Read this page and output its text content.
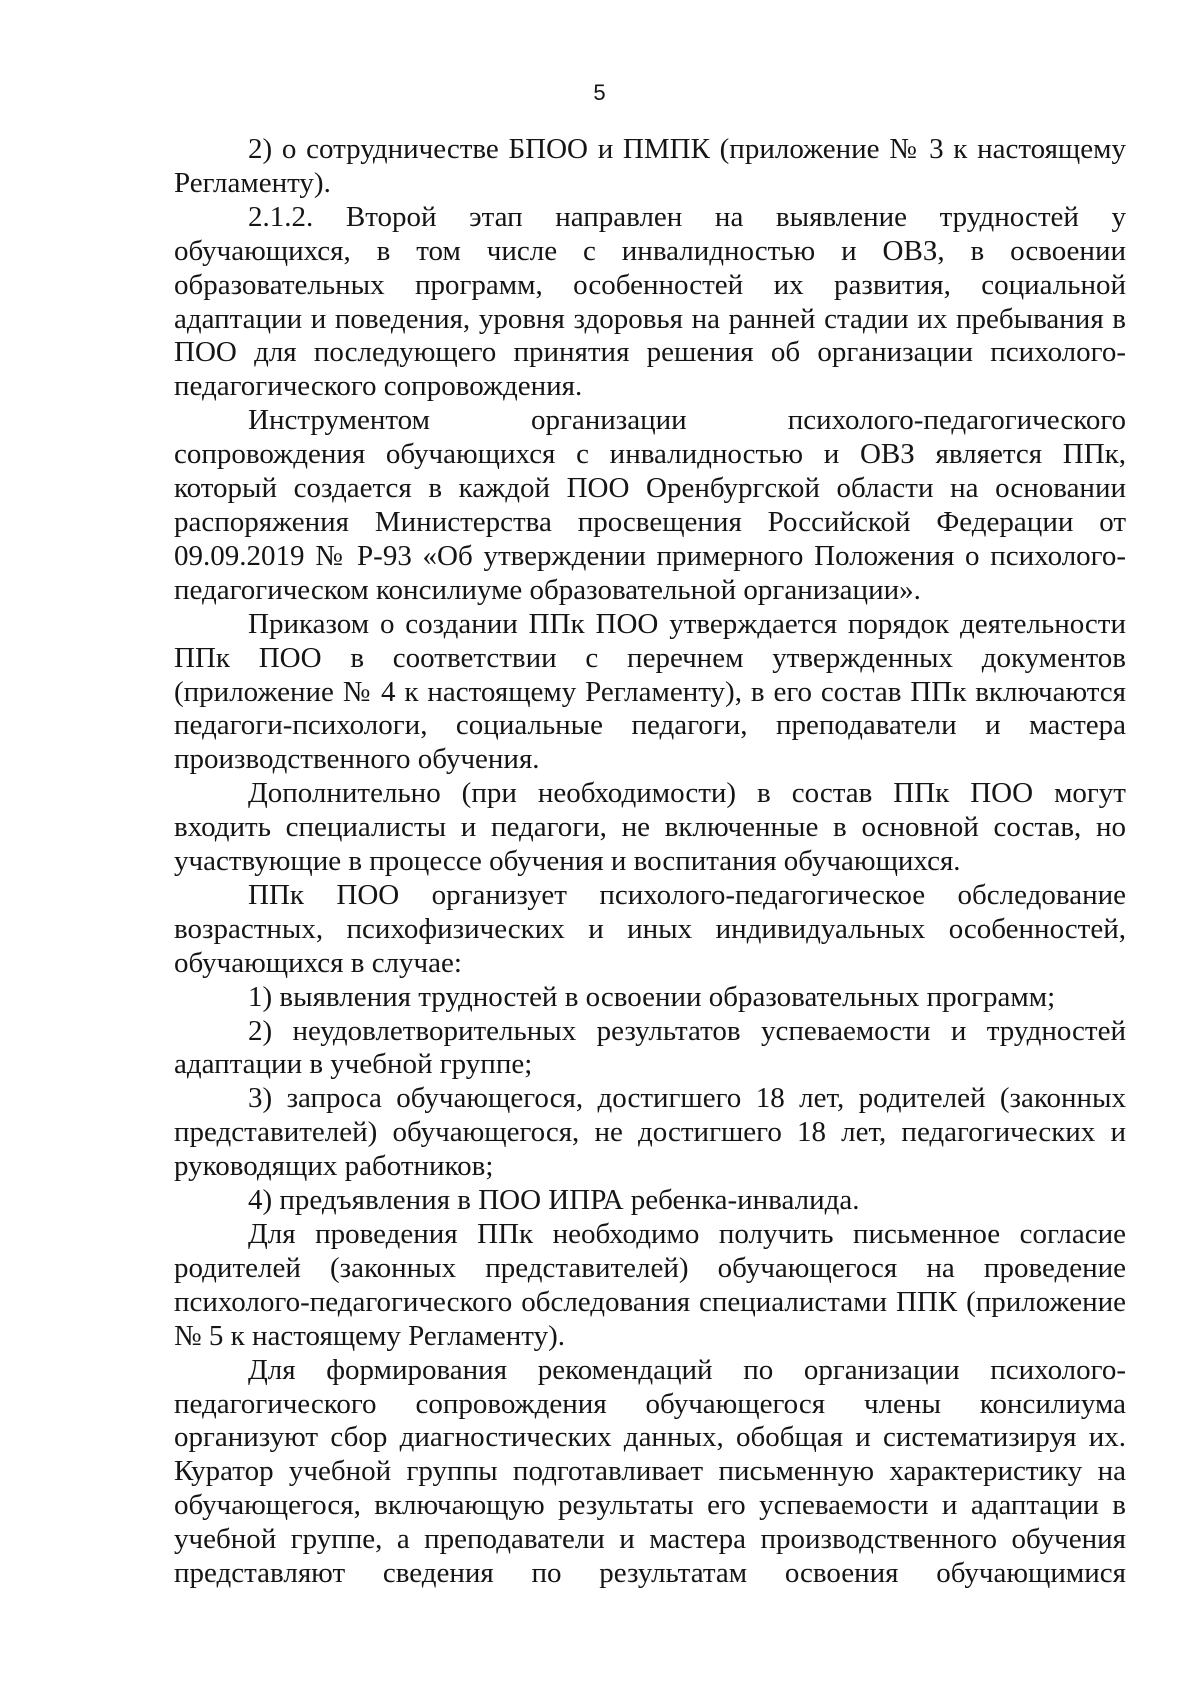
5

2) о сотрудничестве БПОО и ПМПК (приложение № 3 к настоящему Регламенту).

2.1.2. Второй этап направлен на выявление трудностей у обучающихся, в том числе с инвалидностью и ОВЗ, в освоении образовательных программ, особенностей их развития, социальной адаптации и поведения, уровня здоровья на ранней стадии их пребывания в ПОО для последующего принятия решения об организации психолого-педагогического сопровождения.

Инструментом организации психолого-педагогического сопровождения обучающихся с инвалидностью и ОВЗ является ППк, который создается в каждой ПОО Оренбургской области на основании распоряжения Министерства просвещения Российской Федерации от 09.09.2019 № Р-93 «Об утверждении примерного Положения о психолого-педагогическом консилиуме образовательной организации».

Приказом о создании ППк ПОО утверждается порядок деятельности ППк ПОО в соответствии с перечнем утвержденных документов (приложение № 4 к настоящему Регламенту), в его состав ППк включаются педагоги-психологи, социальные педагоги, преподаватели и мастера производственного обучения.

Дополнительно (при необходимости) в состав ППк ПОО могут входить специалисты и педагоги, не включенные в основной состав, но участвующие в процессе обучения и воспитания обучающихся.

ППк ПОО организует психолого-педагогическое обследование возрастных, психофизических и иных индивидуальных особенностей, обучающихся в случае:

1) выявления трудностей в освоении образовательных программ;

2) неудовлетворительных результатов успеваемости и трудностей адаптации в учебной группе;

3) запроса обучающегося, достигшего 18 лет, родителей (законных представителей) обучающегося, не достигшего 18 лет, педагогических и руководящих работников;

4) предъявления в ПОО ИПРА ребенка-инвалида.

Для проведения ППк необходимо получить письменное согласие родителей (законных представителей) обучающегося на проведение психолого-педагогического обследования специалистами ППК (приложение № 5 к настоящему Регламенту).

Для формирования рекомендаций по организации психолого-педагогического сопровождения обучающегося члены консилиума организуют сбор диагностических данных, обобщая и систематизируя их. Куратор учебной группы подготавливает письменную характеристику на обучающегося, включающую результаты его успеваемости и адаптации в учебной группе, а преподаватели и мастера производственного обучения представляют сведения по результатам освоения обучающимися
